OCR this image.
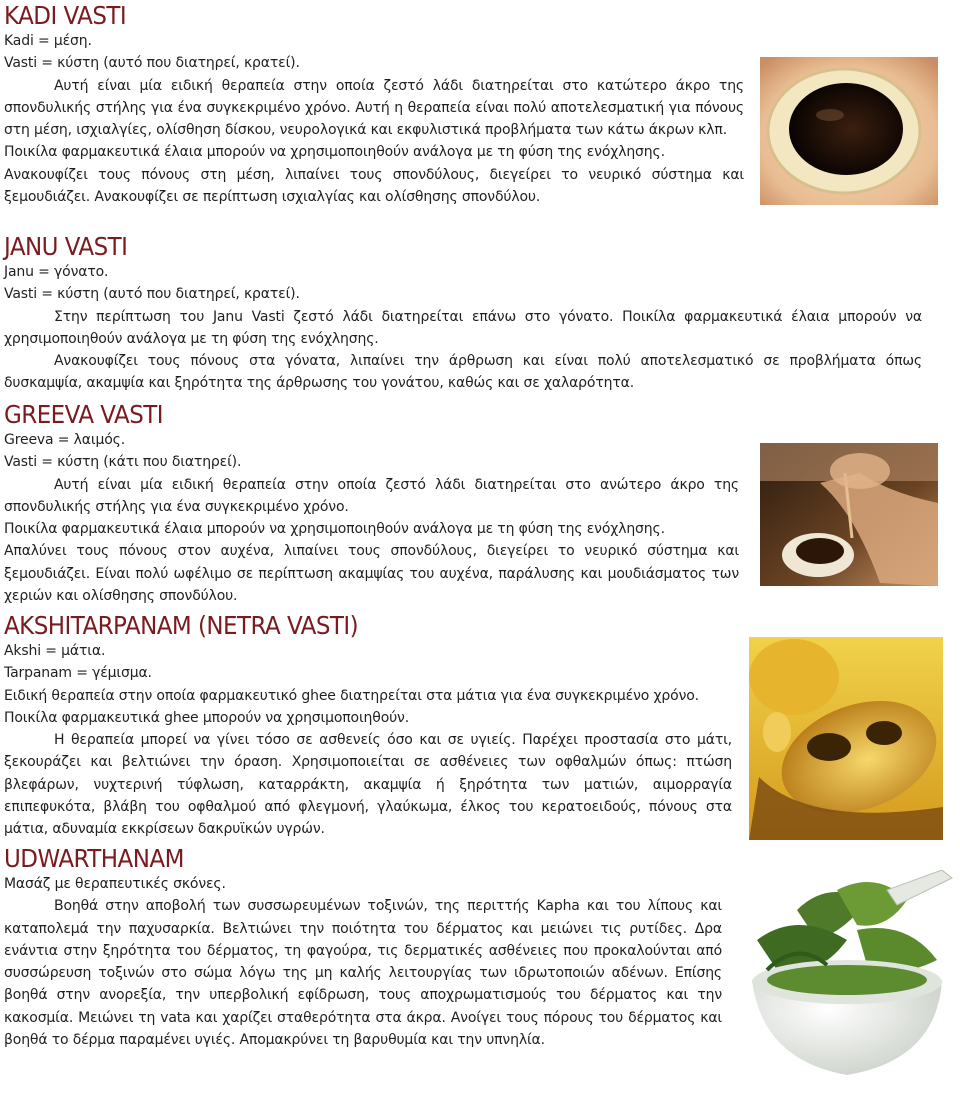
KADI VASTI
Kadi = μέση.
Vasti = κύστη (αυτό που διατηρεί, κρατεί).

Αυτή είναι μία ειδική θεραπεία στην οποία ζεστό λάδι διατηρείται στο κατώτερο άκρο της σπονδυλικής στήλης για ένα συγκεκριμένο χρόνο. Αυτή η θεραπεία είναι πολύ αποτελεσματική για πόνους στη μέση, ισχιαλγίες, ολίσθηση δίσκου, νευρολογικά και εκφυλιστικά προβλήματα των κάτω άκρων κλπ.

Ποικίλα φαρμακευτικά έλαια μπορούν να χρησιμοποιηθούν ανάλογα με τη φύση της ενόχλησης.

Ανακουφίζει τους πόνους στη μέση, λιπαίνει τους σπονδύλους, διεγείρει το νευρικό σύστημα και ξεμουδιάζει. Ανακουφίζει σε περίπτωση ισχιαλγίας και ολίσθησης σπονδύλου.

JANU VASTI
Janu = γόνατο.
Vasti = κύστη (αυτό που διατηρεί, κρατεί).

Στην περίπτωση του Janu Vasti ζεστό λάδι διατηρείται επάνω στο γόνατο. Ποικίλα φαρμακευτικά έλαια μπορούν να χρησιμοποιηθούν ανάλογα με τη φύση της ενόχλησης.

Ανακουφίζει τους πόνους στα γόνατα, λιπαίνει την άρθρωση και είναι πολύ αποτελεσματικό σε προβλήματα όπως δυσκαμψία, ακαμψία και ξηρότητα της άρθρωσης του γονάτου, καθώς και σε χαλαρότητα.

GREEVA VASTI
Greeva = λαιμός.
Vasti = κύστη (κάτι που διατηρεί).

Αυτή είναι μία ειδική θεραπεία στην οποία ζεστό λάδι διατηρείται στο ανώτερο άκρο της σπονδυλικής στήλης για ένα συγκεκριμένο χρόνο.

Ποικίλα φαρμακευτικά έλαια μπορούν να χρησιμοποιηθούν ανάλογα με τη φύση της ενόχλησης.

Απαλύνει τους πόνους στον αυχένα, λιπαίνει τους σπονδύλους, διεγείρει το νευρικό σύστημα και ξεμουδιάζει. Είναι πολύ ωφέλιμο σε περίπτωση ακαμψίας του αυχένα, παράλυσης και μουδιάσματος των χεριών και ολίσθησης σπονδύλου.

AKSHITARPANAM (NETRA VASTI)
Akshi = μάτια.
Tarpanam = γέμισμα.
Ειδική θεραπεία στην οποία φαρμακευτικό ghee διατηρείται στα μάτια για ένα συγκεκριμένο χρόνο.
Ποικίλα φαρμακευτικά ghee μπορούν να χρησιμοποιηθούν.

Η θεραπεία μπορεί να γίνει τόσο σε ασθενείς όσο και σε υγιείς. Παρέχει προστασία στο μάτι, ξεκουράζει και βελτιώνει την όραση. Χρησιμοποιείται σε ασθένειες των οφθαλμών όπως: πτώση βλεφάρων, νυχτερινή τύφλωση, καταρράκτη, ακαμψία ή ξηρότητα των ματιών, αιμορραγία επιπεφυκότα, βλάβη του οφθαλμού από φλεγμονή, γλαύκωμα, έλκος του κερατοειδούς, πόνους στα μάτια, αδυναμία εκκρίσεων δακρυϊκών υγρών.

UDWARTHANAM
Μασάζ με θεραπευτικές σκόνες.

Βοηθά στην αποβολή των συσσωρευμένων τοξινών, της περιττής Kapha και του λίπους και καταπολεμά την παχυσαρκία. Βελτιώνει την ποιότητα του δέρματος και μειώνει τις ρυτίδες. Δρα ενάντια στην ξηρότητα του δέρματος, τη φαγούρα, τις δερματικές ασθένειες που προκαλούνται από συσσώρευση τοξινών στο σώμα λόγω της μη καλής λειτουργίας των ιδρωτοποιών αδένων. Επίσης βοηθά στην ανορεξία, την υπερβολική εφίδρωση, τους αποχρωματισμούς του δέρματος και την κακοσμία. Μειώνει τη vata και χαρίζει σταθερότητα στα άκρα. Ανοίγει τους πόρους του δέρματος και βοηθά το δέρμα παραμένει υγιές. Απομακρύνει τη βαρυθυμία και την υπνηλία.
